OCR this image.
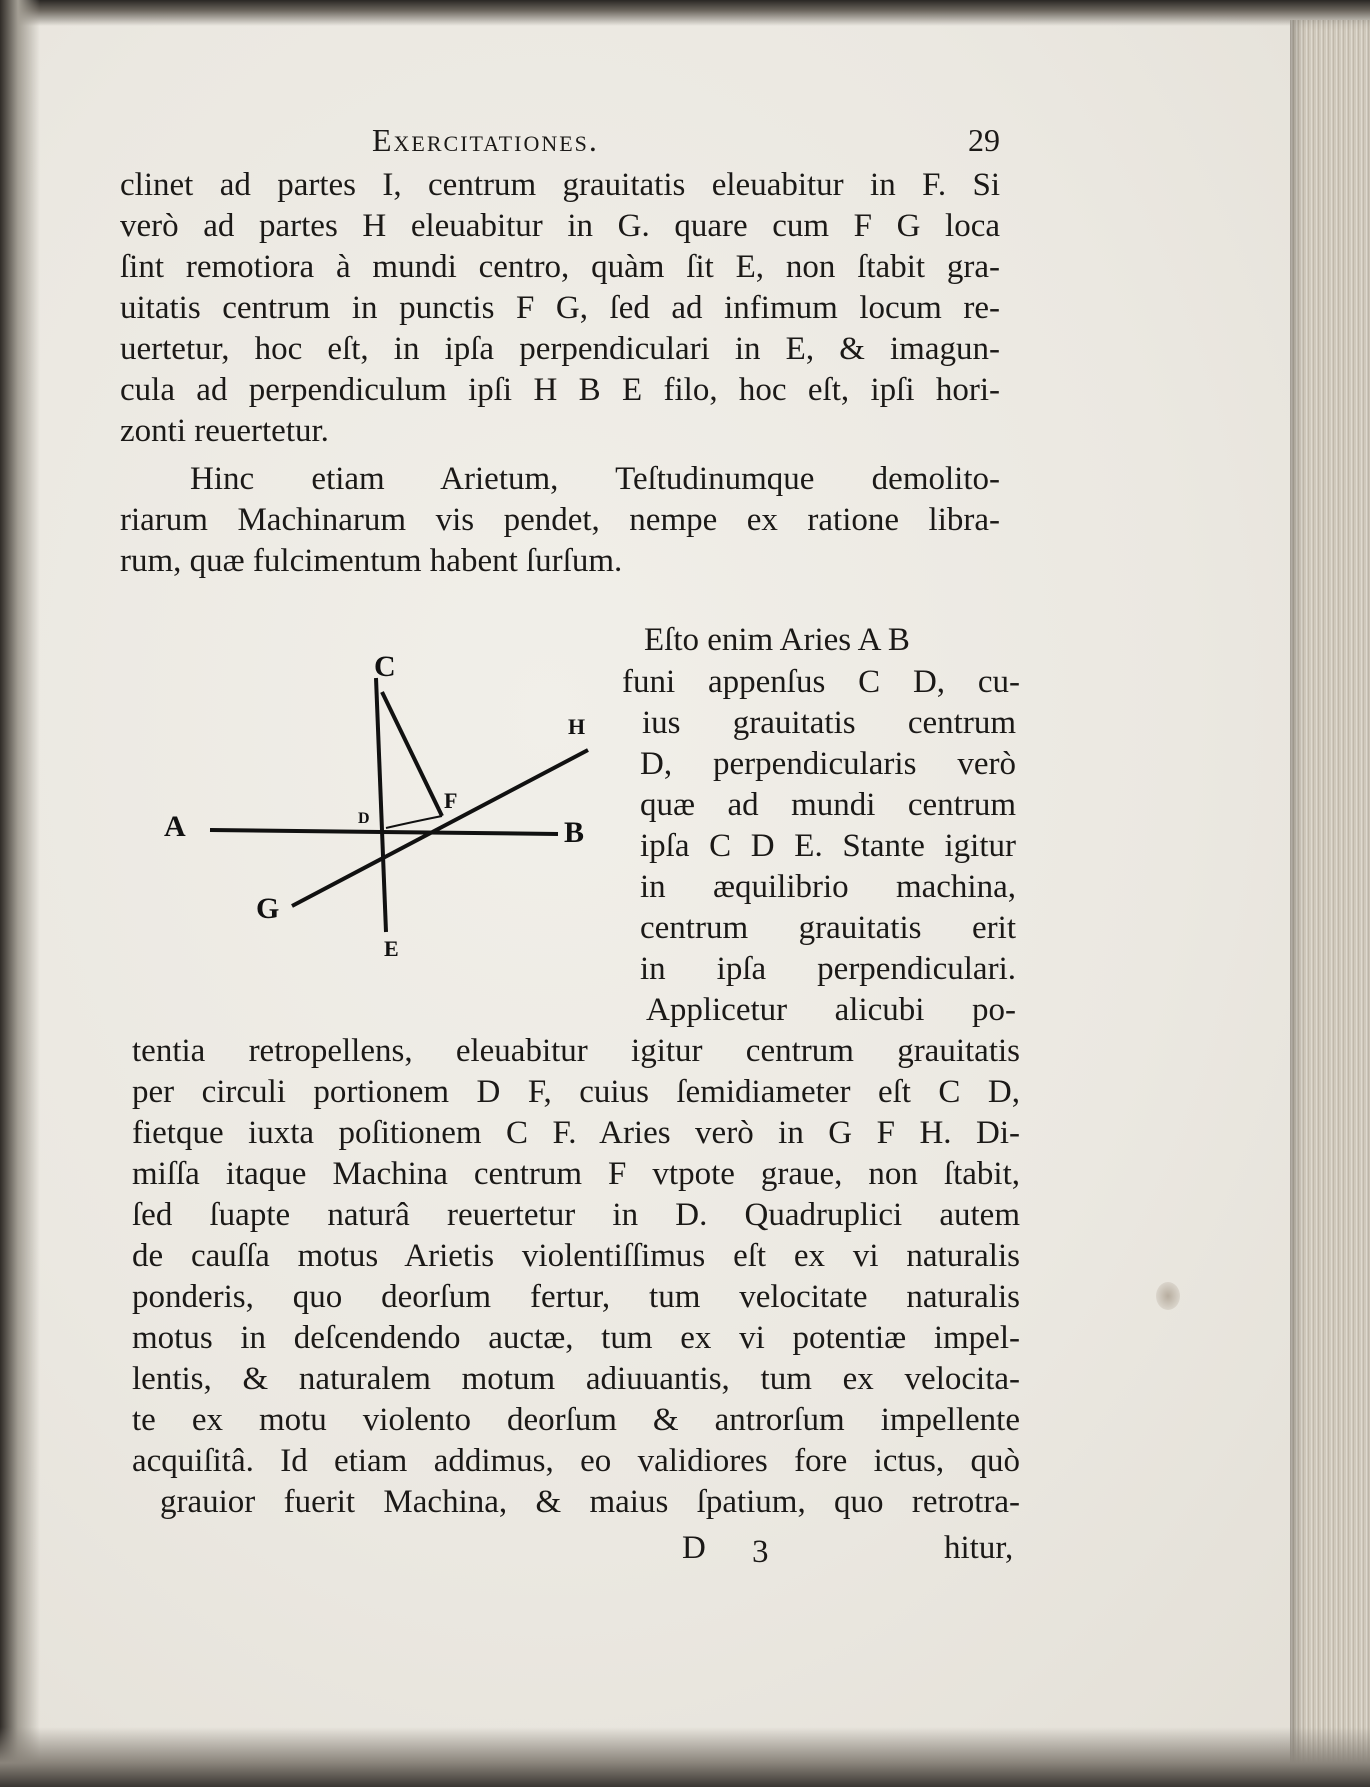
Exercitationes.	29
clinet ad partes I, centrum grauitatis eleuabitur in F. Si
verò ad partes H eleuabitur in G. quare cum F G loca
ſint remotiora à mundi centro, quàm ſit E, non ſtabit gra-
uitatis centrum in punctis F G, ſed ad infimum locum re-
uertetur, hoc eſt, in ipſa perpendiculari in E, & imagun-
cula ad perpendiculum ipſi H B E filo, hoc eſt, ipſi hori-
zonti reuertetur.
Hinc etiam Arietum, Teſtudinumque demolito-
riarum Machinarum vis pendet, nempe ex ratione libra-
rum, quæ fulcimentum habent ſurſum.
Eſto enim Aries A B
funi appenſus C D, cu-
ius grauitatis centrum
D, perpendicularis verò
quæ ad mundi centrum
ipſa C D E. Stante igitur
in æquilibrio machina,
centrum grauitatis erit
in ipſa perpendiculari.
Applicetur alicubi po-
tentia retropellens, eleuabitur igitur centrum grauitatis
per circuli portionem D F, cuius ſemidiameter eſt C D,
fietque iuxta poſitionem C F. Aries verò in G F H. Di-
miſſa itaque Machina centrum F vtpote graue, non ſtabit,
ſed ſuapte naturâ reuertetur in D. Quadruplici autem
de cauſſa motus Arietis violentiſſimus eſt ex vi naturalis
ponderis, quo deorſum fertur, tum velocitate naturalis
motus in deſcendendo auctæ, tum ex vi potentiæ impel-
lentis, & naturalem motum adiuuantis, tum ex velocita-
te ex motu violento deorſum & antrorſum impellente
acquiſitâ. Id etiam addimus, eo validiores fore ictus, quò
grauior fuerit Machina, & maius ſpatium, quo retrotra-
D 3	hitur,
A	B
C
D
E
F
H
G
